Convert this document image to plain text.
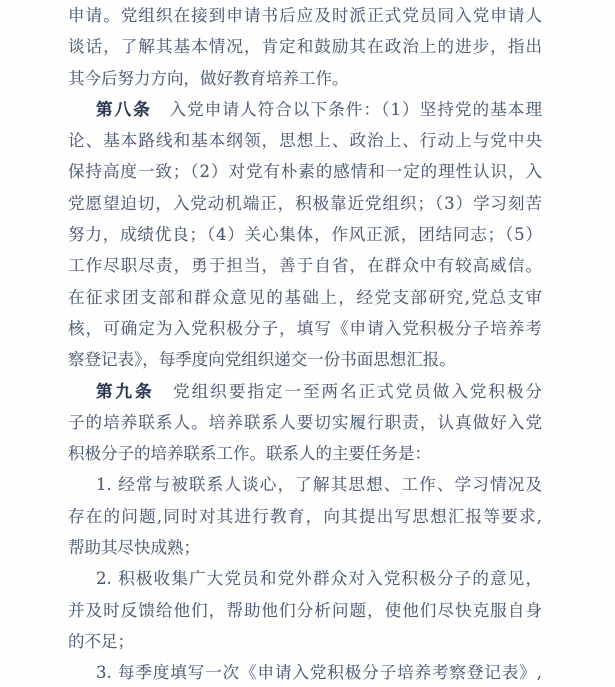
申请。党组织在接到申请书后应及时派正式党员同入党申请人
谈话，了解其基本情况，肯定和鼓励其在政治上的进步，指出
其今后努力方向，做好教育培养工作。
第八条　入党申请人符合以下条件：（1）坚持党的基本理
论、基本路线和基本纲领，思想上、政治上、行动上与党中央
保持高度一致；（2）对党有朴素的感情和一定的理性认识，入
党愿望迫切，入党动机端正，积极靠近党组织；（3）学习刻苦
努力，成绩优良；（4）关心集体，作风正派，团结同志；（5）
工作尽职尽责，勇于担当，善于自省，在群众中有较高威信。
在征求团支部和群众意见的基础上，经党支部研究,党总支审
核，可确定为入党积极分子，填写《申请入党积极分子培养考
察登记表》，每季度向党组织递交一份书面思想汇报。
第九条　党组织要指定一至两名正式党员做入党积极分
子的培养联系人。培养联系人要切实履行职责，认真做好入党
积极分子的培养联系工作。联系人的主要任务是：
1. 经常与被联系人谈心，了解其思想、工作、学习情况及
存在的问题,同时对其进行教育，向其提出写思想汇报等要求,
帮助其尽快成熟；
2. 积极收集广大党员和党外群众对入党积极分子的意见，
并及时反馈给他们，帮助他们分析问题，使他们尽快克服自身
的不足；
3. 每季度填写一次《申请入党积极分子培养考察登记表》,
